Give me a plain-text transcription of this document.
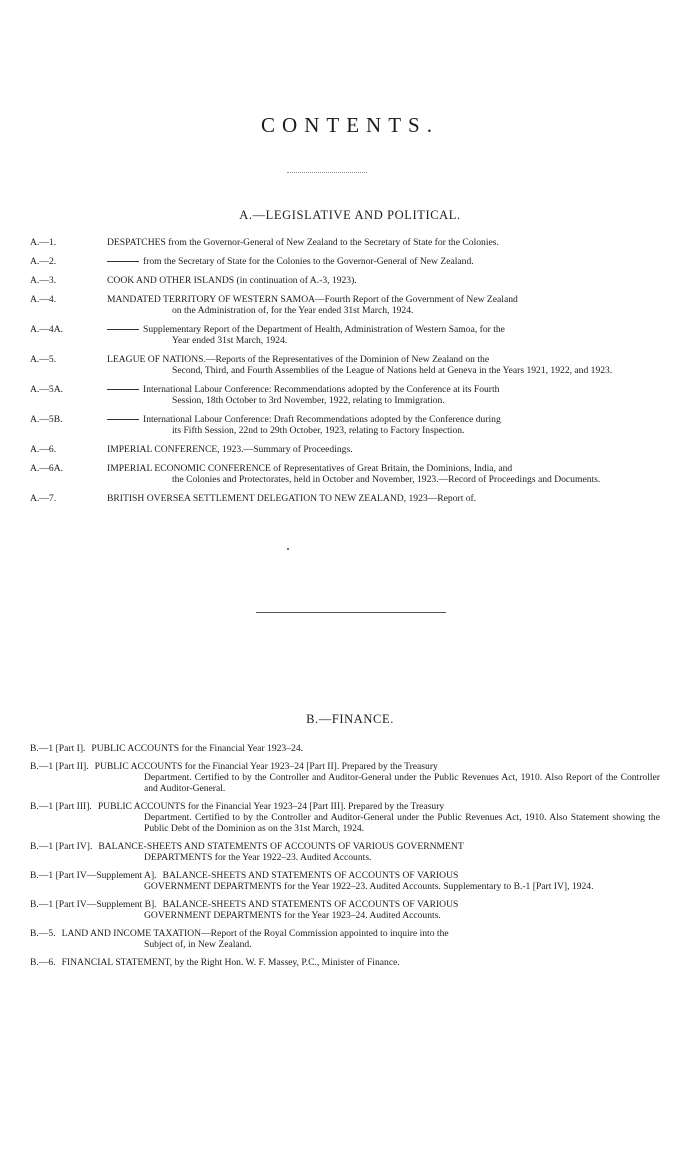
CONTENTS.
A.—LEGISLATIVE AND POLITICAL.
A.—1.	DESPATCHES from the Governor-General of New Zealand to the Secretary of State for the Colonies.
A.—2.	from the Secretary of State for the Colonies to the Governor-General of New Zealand.
A.—3.	COOK AND OTHER ISLANDS (in continuation of A.-3, 1923).
A.—4.	MANDATED TERRITORY OF WESTERN SAMOA—Fourth Report of the Government of New Zealand
on the Administration of, for the Year ended 31st March, 1924.
A.—4A.	Supplementary Report of the Department of Health, Administration of Western Samoa, for the
Year ended 31st March, 1924.
A.—5.	LEAGUE OF NATIONS.—Reports of the Representatives of the Dominion of New Zealand on the
Second, Third, and Fourth Assemblies of the League of Nations held at Geneva in the Years 1921, 1922, and 1923.
A.—5A.	International Labour Conference: Recommendations adopted by the Conference at its Fourth
Session, 18th October to 3rd November, 1922, relating to Immigration.
A.—5B.	International Labour Conference: Draft Recommendations adopted by the Conference during
its Fifth Session, 22nd to 29th October, 1923, relating to Factory Inspection.
A.—6.	IMPERIAL CONFERENCE, 1923.—Summary of Proceedings.
A.—6A.	IMPERIAL ECONOMIC CONFERENCE of Representatives of Great Britain, the Dominions, India, and
the Colonies and Protectorates, held in October and November, 1923.—Record of Proceedings and Documents.
A.—7.	BRITISH OVERSEA SETTLEMENT DELEGATION TO NEW ZEALAND, 1923—Report of.
B.—FINANCE.
B.—1 [Part I]. PUBLIC ACCOUNTS for the Financial Year 1923–24.
B.—1 [Part II]. PUBLIC ACCOUNTS for the Financial Year 1923–24 [Part II]. Prepared by the Treasury
Department. Certified to by the Controller and Auditor-General under the Public Revenues Act, 1910. Also Report of the Controller and Auditor-General.
B.—1 [Part III]. PUBLIC ACCOUNTS for the Financial Year 1923–24 [Part III]. Prepared by the Treasury
Department. Certified to by the Controller and Auditor-General under the Public Revenues Act, 1910. Also Statement showing the Public Debt of the Dominion as on the 31st March, 1924.
B.—1 [Part IV]. BALANCE-SHEETS AND STATEMENTS OF ACCOUNTS OF VARIOUS GOVERNMENT
DEPARTMENTS for the Year 1922–23. Audited Accounts.
B.—1 [Part IV—Supplement A]. BALANCE-SHEETS AND STATEMENTS OF ACCOUNTS OF VARIOUS
GOVERNMENT DEPARTMENTS for the Year 1922–23. Audited Accounts. Supplementary to B.-1 [Part IV], 1924.
B.—1 [Part IV—Supplement B]. BALANCE-SHEETS AND STATEMENTS OF ACCOUNTS OF VARIOUS
GOVERNMENT DEPARTMENTS for the Year 1923–24. Audited Accounts.
B.—5. LAND AND INCOME TAXATION—Report of the Royal Commission appointed to inquire into the
Subject of, in New Zealand.
B.—6. FINANCIAL STATEMENT, by the Right Hon. W. F. Massey, P.C., Minister of Finance.
